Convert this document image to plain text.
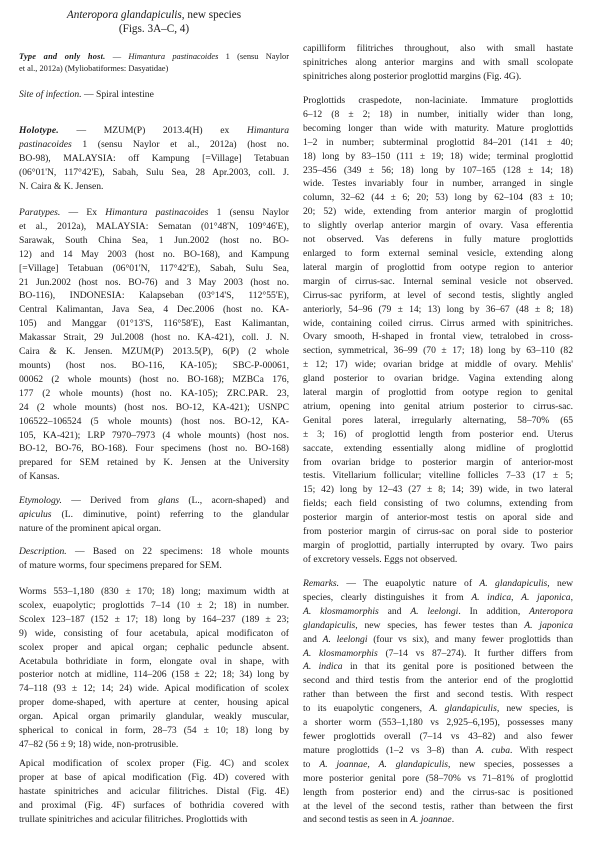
Anteropora glandapiculis, new species
(Figs. 3A–C, 4)
Type and only host. — Himantura pastinacoides 1 (sensu Naylor
et al., 2012a) (Myliobatiformes: Dasyatidae)
Site of infection. — Spiral intestine
Holotype. — MZUM(P) 2013.4(H) ex Himantura
pastinacoides 1 (sensu Naylor et al., 2012a) (host no.
BO-98), MALAYSIA: off Kampung [=Village] Tetabuan
(06°01'N, 117°42'E), Sabah, Sulu Sea, 28 Apr.2003, coll. J.
N. Caira & K. Jensen.
Paratypes. — Ex Himantura pastinacoides 1 (sensu Naylor
et al., 2012a), MALAYSIA: Sematan (01°48'N, 109°46'E),
Sarawak, South China Sea, 1 Jun.2002 (host no. BO-
12) and 14 May 2003 (host no. BO-168), and Kampung
[=Village] Tetabuan (06°01'N, 117°42'E), Sabah, Sulu Sea,
21 Jun.2002 (host nos. BO-76) and 3 May 2003 (host no.
BO-116), INDONESIA: Kalapseban (03°14'S, 112°55'E),
Central Kalimantan, Java Sea, 4 Dec.2006 (host no. KA-
105) and Manggar (01°13'S, 116°58'E), East Kalimantan,
Makassar Strait, 29 Jul.2008 (host no. KA-421), coll. J. N.
Caira & K. Jensen. MZUM(P) 2013.5(P), 6(P) (2 whole
mounts) (host nos. BO-116, KA-105); SBC-P-00061,
00062 (2 whole mounts) (host no. BO-168); MZBCa 176,
177 (2 whole mounts) (host no. KA-105); ZRC.PAR. 23,
24 (2 whole mounts) (host nos. BO-12, KA-421); USNPC
106522–106524 (5 whole mounts) (host nos. BO-12, KA-
105, KA-421); LRP 7970–7973 (4 whole mounts) (host nos.
BO-12, BO-76, BO-168). Four specimens (host no. BO-168)
prepared for SEM retained by K. Jensen at the University
of Kansas.
Etymology. — Derived from glans (L., acorn-shaped) and
apiculus (L. diminutive, point) referring to the glandular
nature of the prominent apical organ.
Description. — Based on 22 specimens: 18 whole mounts
of mature worms, four specimens prepared for SEM.
Worms 553–1,180 (830 ± 170; 18) long; maximum width at
scolex, euapolytic; proglottids 7–14 (10 ± 2; 18) in number.
Scolex 123–187 (152 ± 17; 18) long by 164–237 (189 ± 23;
9) wide, consisting of four acetabula, apical modificaton of
scolex proper and apical organ; cephalic peduncle absent.
Acetabula bothridiate in form, elongate oval in shape, with
posterior notch at midline, 114–206 (158 ± 22; 18; 34) long by
74–118 (93 ± 12; 14; 24) wide. Apical modification of scolex
proper dome-shaped, with aperture at center, housing apical
organ. Apical organ primarily glandular, weakly muscular,
spherical to conical in form, 28–73 (54 ± 10; 18) long by
47–82 (56 ± 9; 18) wide, non-protrusible.
Apical modification of scolex proper (Fig. 4C) and scolex
proper at base of apical modification (Fig. 4D) covered with
hastate spinitriches and acicular filitriches. Distal (Fig. 4E)
and proximal (Fig. 4F) surfaces of bothridia covered with
trullate spinitriches and acicular filitriches. Proglottids with
capilliform filitriches throughout, also with small hastate
spinitriches along anterior margins and with small scolopate
spinitriches along posterior proglottid margins (Fig. 4G).
Proglottids craspedote, non-laciniate. Immature proglottids
6–12 (8 ± 2; 18) in number, initially wider than long,
becoming longer than wide with maturity. Mature proglottids
1–2 in number; subterminal proglottid 84–201 (141 ± 40;
18) long by 83–150 (111 ± 19; 18) wide; terminal proglottid
235–456 (349 ± 56; 18) long by 107–165 (128 ± 14; 18)
wide. Testes invariably four in number, arranged in single
column, 32–62 (44 ± 6; 20; 53) long by 62–104 (83 ± 10;
20; 52) wide, extending from anterior margin of proglottid
to slightly overlap anterior margin of ovary. Vasa efferentia
not observed. Vas deferens in fully mature proglottids
enlarged to form external seminal vesicle, extending along
lateral margin of proglottid from ootype region to anterior
margin of cirrus-sac. Internal seminal vesicle not observed.
Cirrus-sac pyriform, at level of second testis, slightly angled
anteriorly, 54–96 (79 ± 14; 13) long by 36–67 (48 ± 8; 18)
wide, containing coiled cirrus. Cirrus armed with spinitriches.
Ovary smooth, H-shaped in frontal view, tetralobed in cross-
section, symmetrical, 36–99 (70 ± 17; 18) long by 63–110 (82
± 12; 17) wide; ovarian bridge at middle of ovary. Mehlis'
gland posterior to ovarian bridge. Vagina extending along
lateral margin of proglottid from ootype region to genital
atrium, opening into genital atrium posterior to cirrus-sac.
Genital pores lateral, irregularly alternating, 58–70% (65
± 3; 16) of proglottid length from posterior end. Uterus
saccate, extending essentially along midline of proglottid
from ovarian bridge to posterior margin of anterior-most
testis. Vitellarium follicular; vitelline follicles 7–33 (17 ± 5;
15; 42) long by 12–43 (27 ± 8; 14; 39) wide, in two lateral
fields; each field consisting of two columns, extending from
posterior margin of anterior-most testis on aporal side and
from posterior margin of cirrus-sac on poral side to posterior
margin of proglottid, partially interrupted by ovary. Two pairs
of excretory vessels. Eggs not observed.
Remarks. — The euapolytic nature of A. glandapiculis, new
species, clearly distinguishes it from A. indica, A. japonica,
A. klosmamorphis and A. leelongi. In addition, Anteropora
glandapiculis, new species, has fewer testes than A. japonica
and A. leelongi (four vs six), and many fewer proglottids than
A. klosmamorphis (7–14 vs 87–274). It further differs from
A. indica in that its genital pore is positioned between the
second and third testis from the anterior end of the proglottid
rather than between the first and second testis. With respect
to its euapolytic congeners, A. glandapiculis, new species, is
a shorter worm (553–1,180 vs 2,925–6,195), possesses many
fewer proglottids overall (7–14 vs 43–82) and also fewer
mature proglottids (1–2 vs 3–8) than A. cuba. With respect
to A. joannae, A. glandapiculis, new species, possesses a
more posterior genital pore (58–70% vs 71–81% of proglottid
length from posterior end) and the cirrus-sac is positioned
at the level of the second testis, rather than between the first
and second testis as seen in A. joannae.
